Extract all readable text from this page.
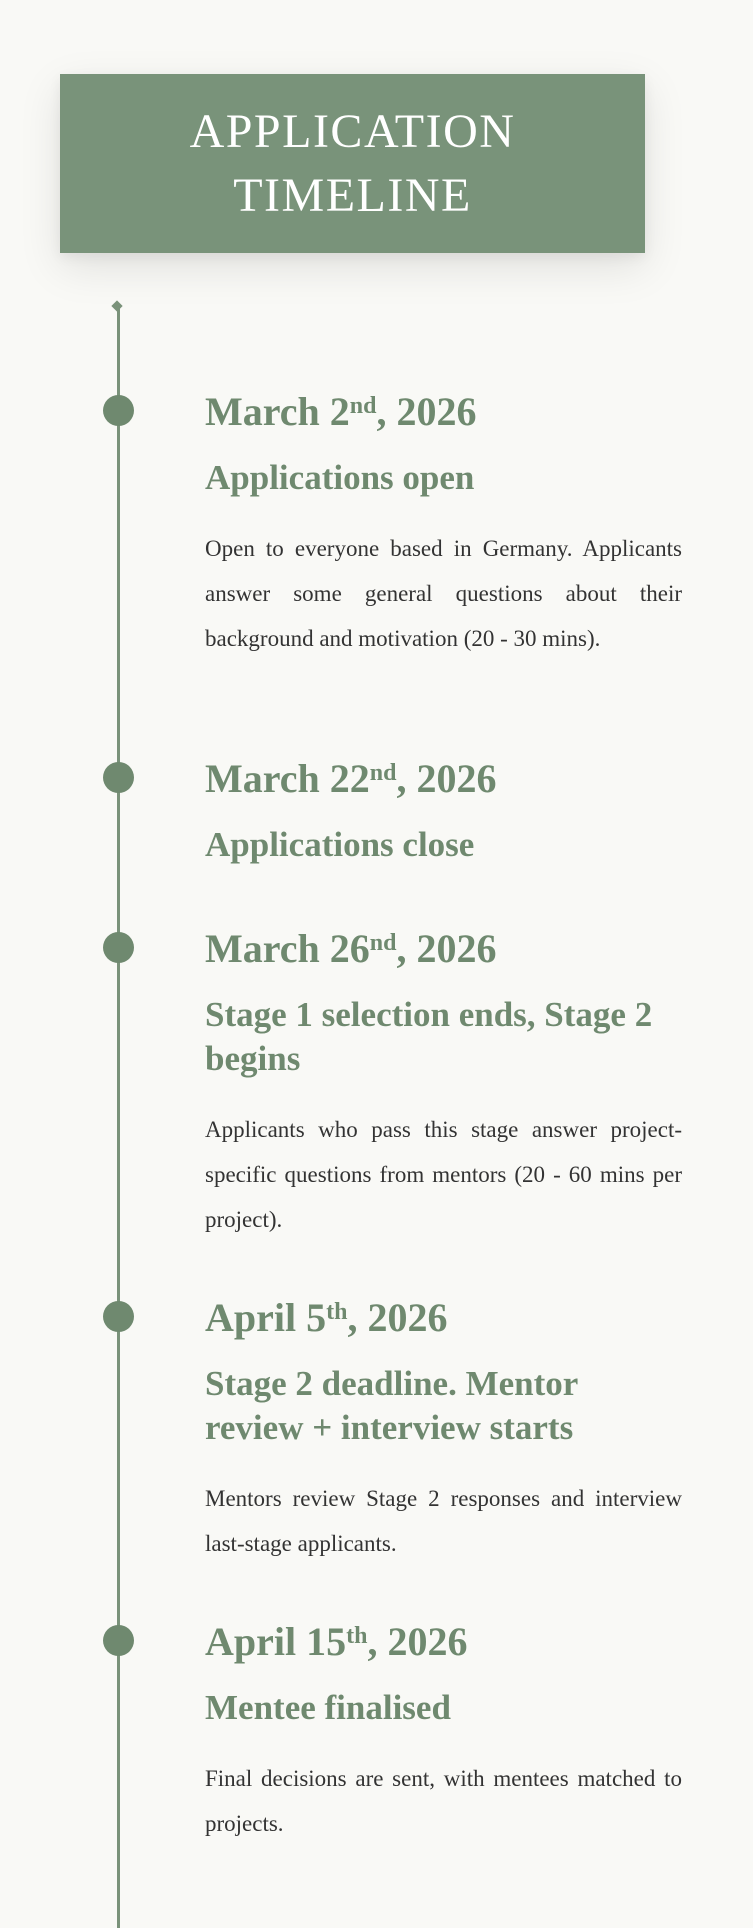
APPLICATION TIMELINE

March 2nd, 2026

Applications open

Open to everyone based in Germany. Applicants answer some general questions about their background and motivation (20 - 30 mins).

March 22nd, 2026

Applications close

March 26nd, 2026

Stage 1 selection ends, Stage 2 begins

Applicants who pass this stage answer project-specific questions from mentors (20 - 60 mins per project).

April 5th, 2026

Stage 2 deadline. Mentor review + interview starts

Mentors review Stage 2 responses and interview last-stage applicants.

April 15th, 2026

Mentee finalised

Final decisions are sent, with mentees matched to projects.
